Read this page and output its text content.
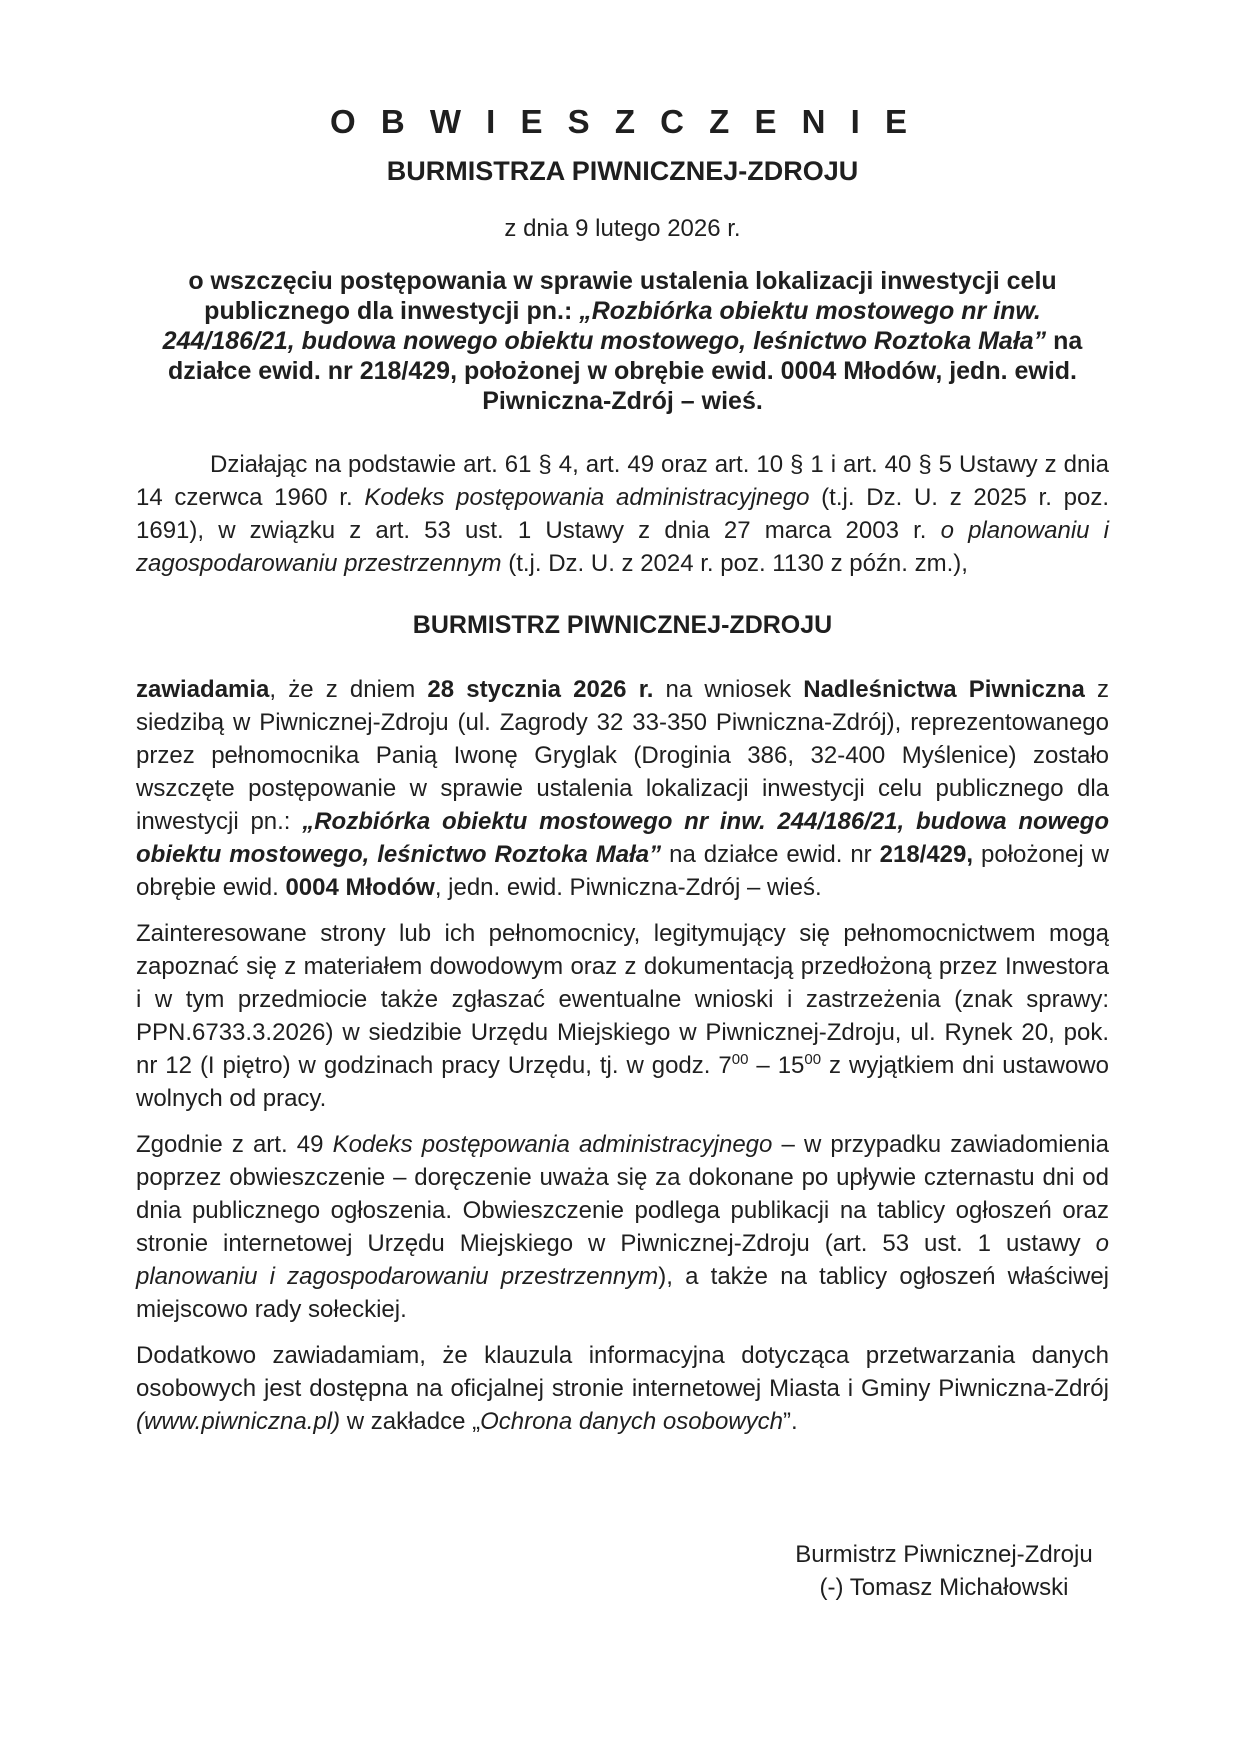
O B W I E S Z C Z E N I E
BURMISTRZA PIWNICZNEJ-ZDROJU

z dnia 9 lutego 2026 r.

o wszczęciu postępowania w sprawie ustalenia lokalizacji inwestycji celu publicznego dla inwestycji pn.: „Rozbiórka obiektu mostowego nr inw. 244/186/21, budowa nowego obiektu mostowego, leśnictwo Roztoka Mała” na działce ewid. nr 218/429, położonej w obrębie ewid. 0004 Młodów, jedn. ewid. Piwniczna-Zdrój – wieś.

Działając na podstawie art. 61 § 4, art. 49 oraz art. 10 § 1 i art. 40 § 5 Ustawy z dnia 14 czerwca 1960 r. Kodeks postępowania administracyjnego (t.j. Dz. U. z 2025 r. poz. 1691), w związku z art. 53 ust. 1 Ustawy z dnia 27 marca 2003 r. o planowaniu i zagospodarowaniu przestrzennym (t.j. Dz. U. z 2024 r. poz. 1130 z późn. zm.),

BURMISTRZ PIWNICZNEJ-ZDROJU

zawiadamia, że z dniem 28 stycznia 2026 r. na wniosek Nadleśnictwa Piwniczna z siedzibą w Piwnicznej-Zdroju (ul. Zagrody 32 33-350 Piwniczna-Zdrój), reprezentowanego przez pełnomocnika Panią Iwonę Gryglak (Droginia 386, 32-400 Myślenice) zostało wszczęte postępowanie w sprawie ustalenia lokalizacji inwestycji celu publicznego dla inwestycji pn.: „Rozbiórka obiektu mostowego nr inw. 244/186/21, budowa nowego obiektu mostowego, leśnictwo Roztoka Mała” na działce ewid. nr 218/429, położonej w obrębie ewid. 0004 Młodów, jedn. ewid. Piwniczna-Zdrój – wieś.

Zainteresowane strony lub ich pełnomocnicy, legitymujący się pełnomocnictwem mogą zapoznać się z materiałem dowodowym oraz z dokumentacją przedłożoną przez Inwestora i w tym przedmiocie także zgłaszać ewentualne wnioski i zastrzeżenia (znak sprawy: PPN.6733.3.2026) w siedzibie Urzędu Miejskiego w Piwnicznej-Zdroju, ul. Rynek 20, pok. nr 12 (I piętro) w godzinach pracy Urzędu, tj. w godz. $7^{00} - 15^{00}$ z wyjątkiem dni ustawowo wolnych od pracy.

Zgodnie z art. 49 Kodeks postępowania administracyjnego – w przypadku zawiadomienia poprzez obwieszczenie – doręczenie uważa się za dokonane po upływie czternastu dni od dnia publicznego ogłoszenia. Obwieszczenie podlega publikacji na tablicy ogłoszeń oraz stronie internetowej Urzędu Miejskiego w Piwnicznej-Zdroju (art. 53 ust. 1 ustawy o planowaniu i zagospodarowaniu przestrzennym), a także na tablicy ogłoszeń właściwej miejscowo rady sołeckiej.

Dodatkowo zawiadamiam, że klauzula informacyjna dotycząca przetwarzania danych osobowych jest dostępna na oficjalnej stronie internetowej Miasta i Gminy Piwniczna-Zdrój (www.piwniczna.pl) w zakładce „Ochrona danych osobowych”.

Burmistrz Piwnicznej-Zdroju
(-) Tomasz Michałowski
